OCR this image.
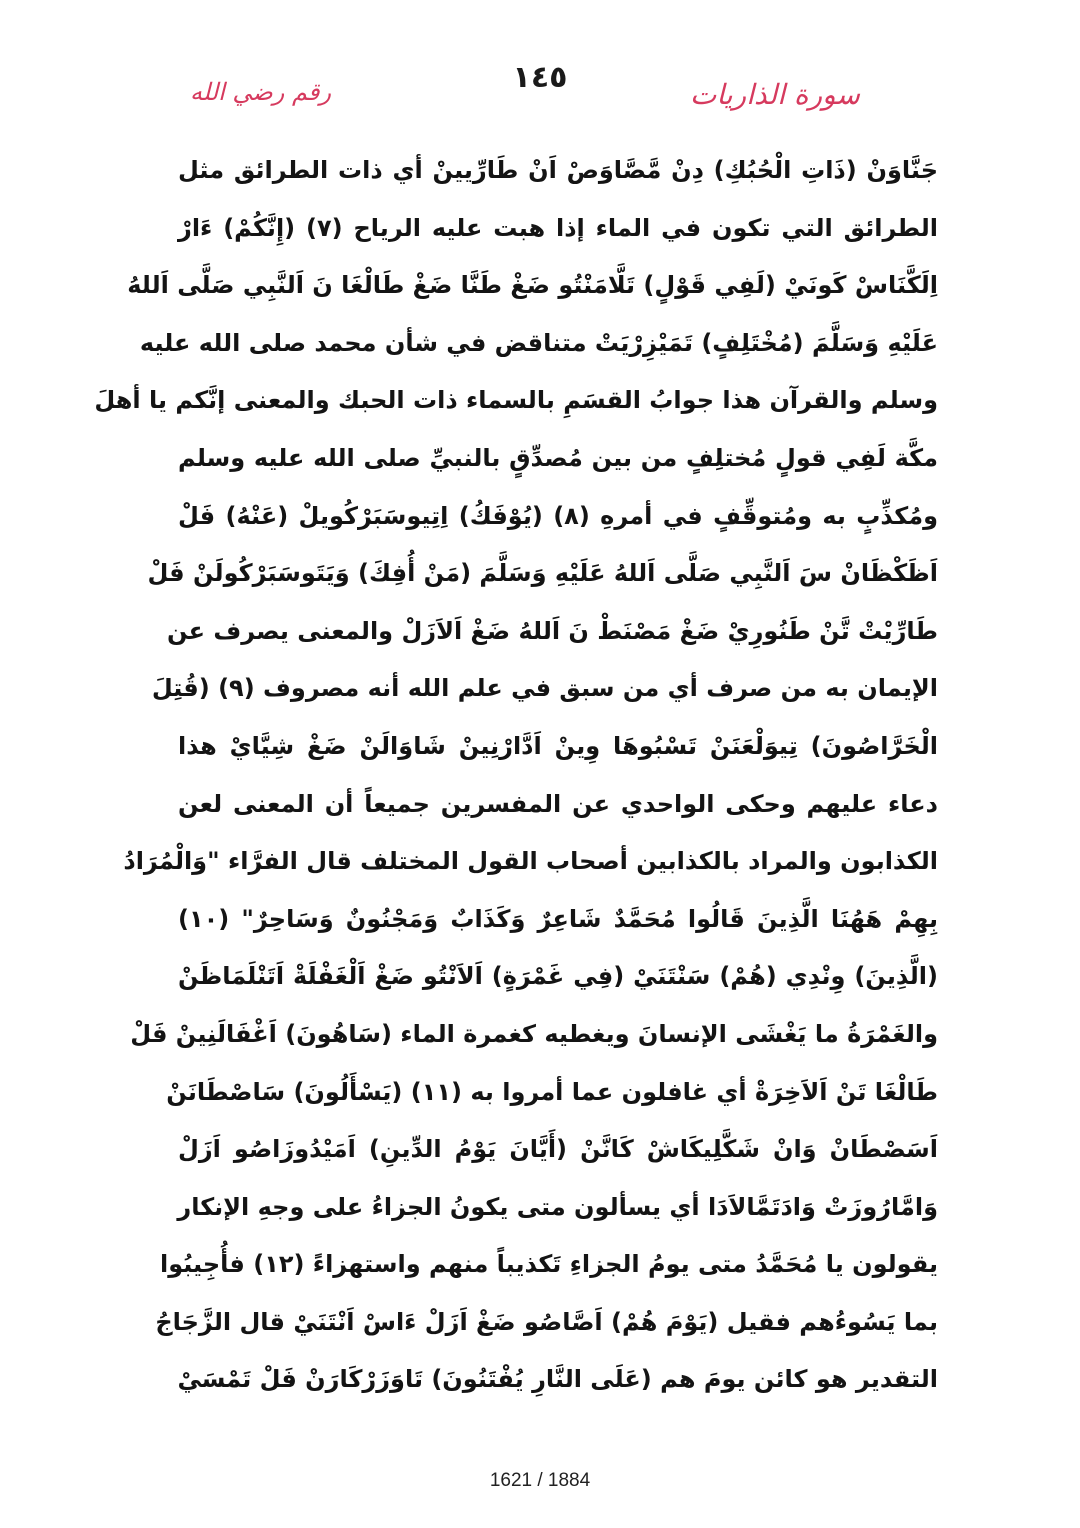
١٤٥	سورة الذاريات
رقم رضي الله
جَنَّاوَنْ (ذَاتِ الْحُبُكِ) دِنْ مَّصَّاوَصْ اَنْ طَارِّيينْ أي ذات الطرائق مثل
الطرائق التي تكون في الماء إذا هبت عليه الرياح (٧) (إِنَّكُمْ) ءَارْ
اِلَكَّنَاسْ كَونَيْ (لَفِي قَوْلٍ) تَلَّامَنْتُو ضَغْ طَنَّا ضَغْ طَالْغَا نَ اَلنَّبِي صَلَّى اَللهُ
عَلَيْهِ وَسَلَّمَ (مُخْتَلِفٍ) تَمَيْزِرْيَتْ متناقض في شأن محمد صلى الله عليه
وسلم والقرآن هذا جوابُ القسَمِ بالسماء ذات الحبك والمعنى إنَّكم يا أهلَ
مكَّة لَفِي قولٍ مُختلِفٍ من بين مُصدِّقٍ بالنبيِّ صلى الله عليه وسلم
ومُكذِّبٍ به ومُتوقِّفٍ في أمرهِ (٨) (يُوْفَكُ) اِتِيوسَبَرْكُويلْ (عَنْهُ) فَلْ
اَظَكْظَانْ سَ اَلنَّبِي صَلَّى اَللهُ عَلَيْهِ وَسَلَّمَ (مَنْ أُفِكَ) وَيَتَوسَبَرْكُولَنْ فَلْ
طَارِّيْتْ تَّنْ طَنُورِيْ ضَغْ مَصْنَطْ نَ اَللهُ ضَغْ اَلاَزَلْ والمعنى يصرف عن
الإيمان به من صرف أي من سبق في علم الله أنه مصروف (٩) (قُتِلَ
الْخَرَّاصُونَ) تِيوَلْعَنَنْ تَسْبُوهَا وِينْ اَدَّارْنِينْ شَاوَالَنْ ضَغْ شِيَّايْ هذا
دعاء عليهم وحكى الواحدي عن المفسرين جميعاً أن المعنى لعن
الكذابون والمراد بالكذابين أصحاب القول المختلف قال الفرَّاء "وَالْمُرَادُ
بِهِمْ هَهُنَا الَّذِينَ قَالُوا مُحَمَّدٌ شَاعِرٌ وَكَذَابٌ وَمَجْنُونٌ وَسَاحِرٌ" (١٠)
(الَّذِينَ) وِنْدِي (هُمْ) سَنْتَنَيْ (فِي غَمْرَةٍ) اَلاَنْتُو ضَغْ اَلْغَفْلَةْ اَتَنْلَمَاظَنْ
والغَمْرَةُ ما يَغْشَى الإنسانَ ويغطيه كغمرة الماء (سَاهُونَ) اَغْفَالَنِينْ فَلْ
طَالْغَا تَنْ اَلاَخِرَةْ أي غافلون عما أمروا به (١١) (يَسْأَلُونَ) سَاصْطَانَنْ
اَسَصْطَانْ وَانْ شَكَّلِيكَاشْ كَانَّنْ (أَيَّانَ يَوْمُ الدِّينِ) اَمَيْدُوزَاصُو اَزَلْ
وَامَّارُوزَتْ وَادَتَمَّالاَدَا أي يسألون متى يكونُ الجزاءُ على وجهِ الإنكار
يقولون يا مُحَمَّدُ متى يومُ الجزاءِ تَكذيباً منهم واستهزاءً (١٢) فأُجِيبُوا
بما يَسُوءُهم فقيل (يَوْمَ هُمْ) اَصَّاصُو ضَغْ اَزَلْ ءَاسْ اَنْتَنَيْ قال الزَّجَاجُ
التقدير هو كائن يومَ هم (عَلَى النَّارِ يُفْتَنُونَ) تَاوَزَرْكَارَنْ فَلْ تَمْسَيْ
1621 / 1884
